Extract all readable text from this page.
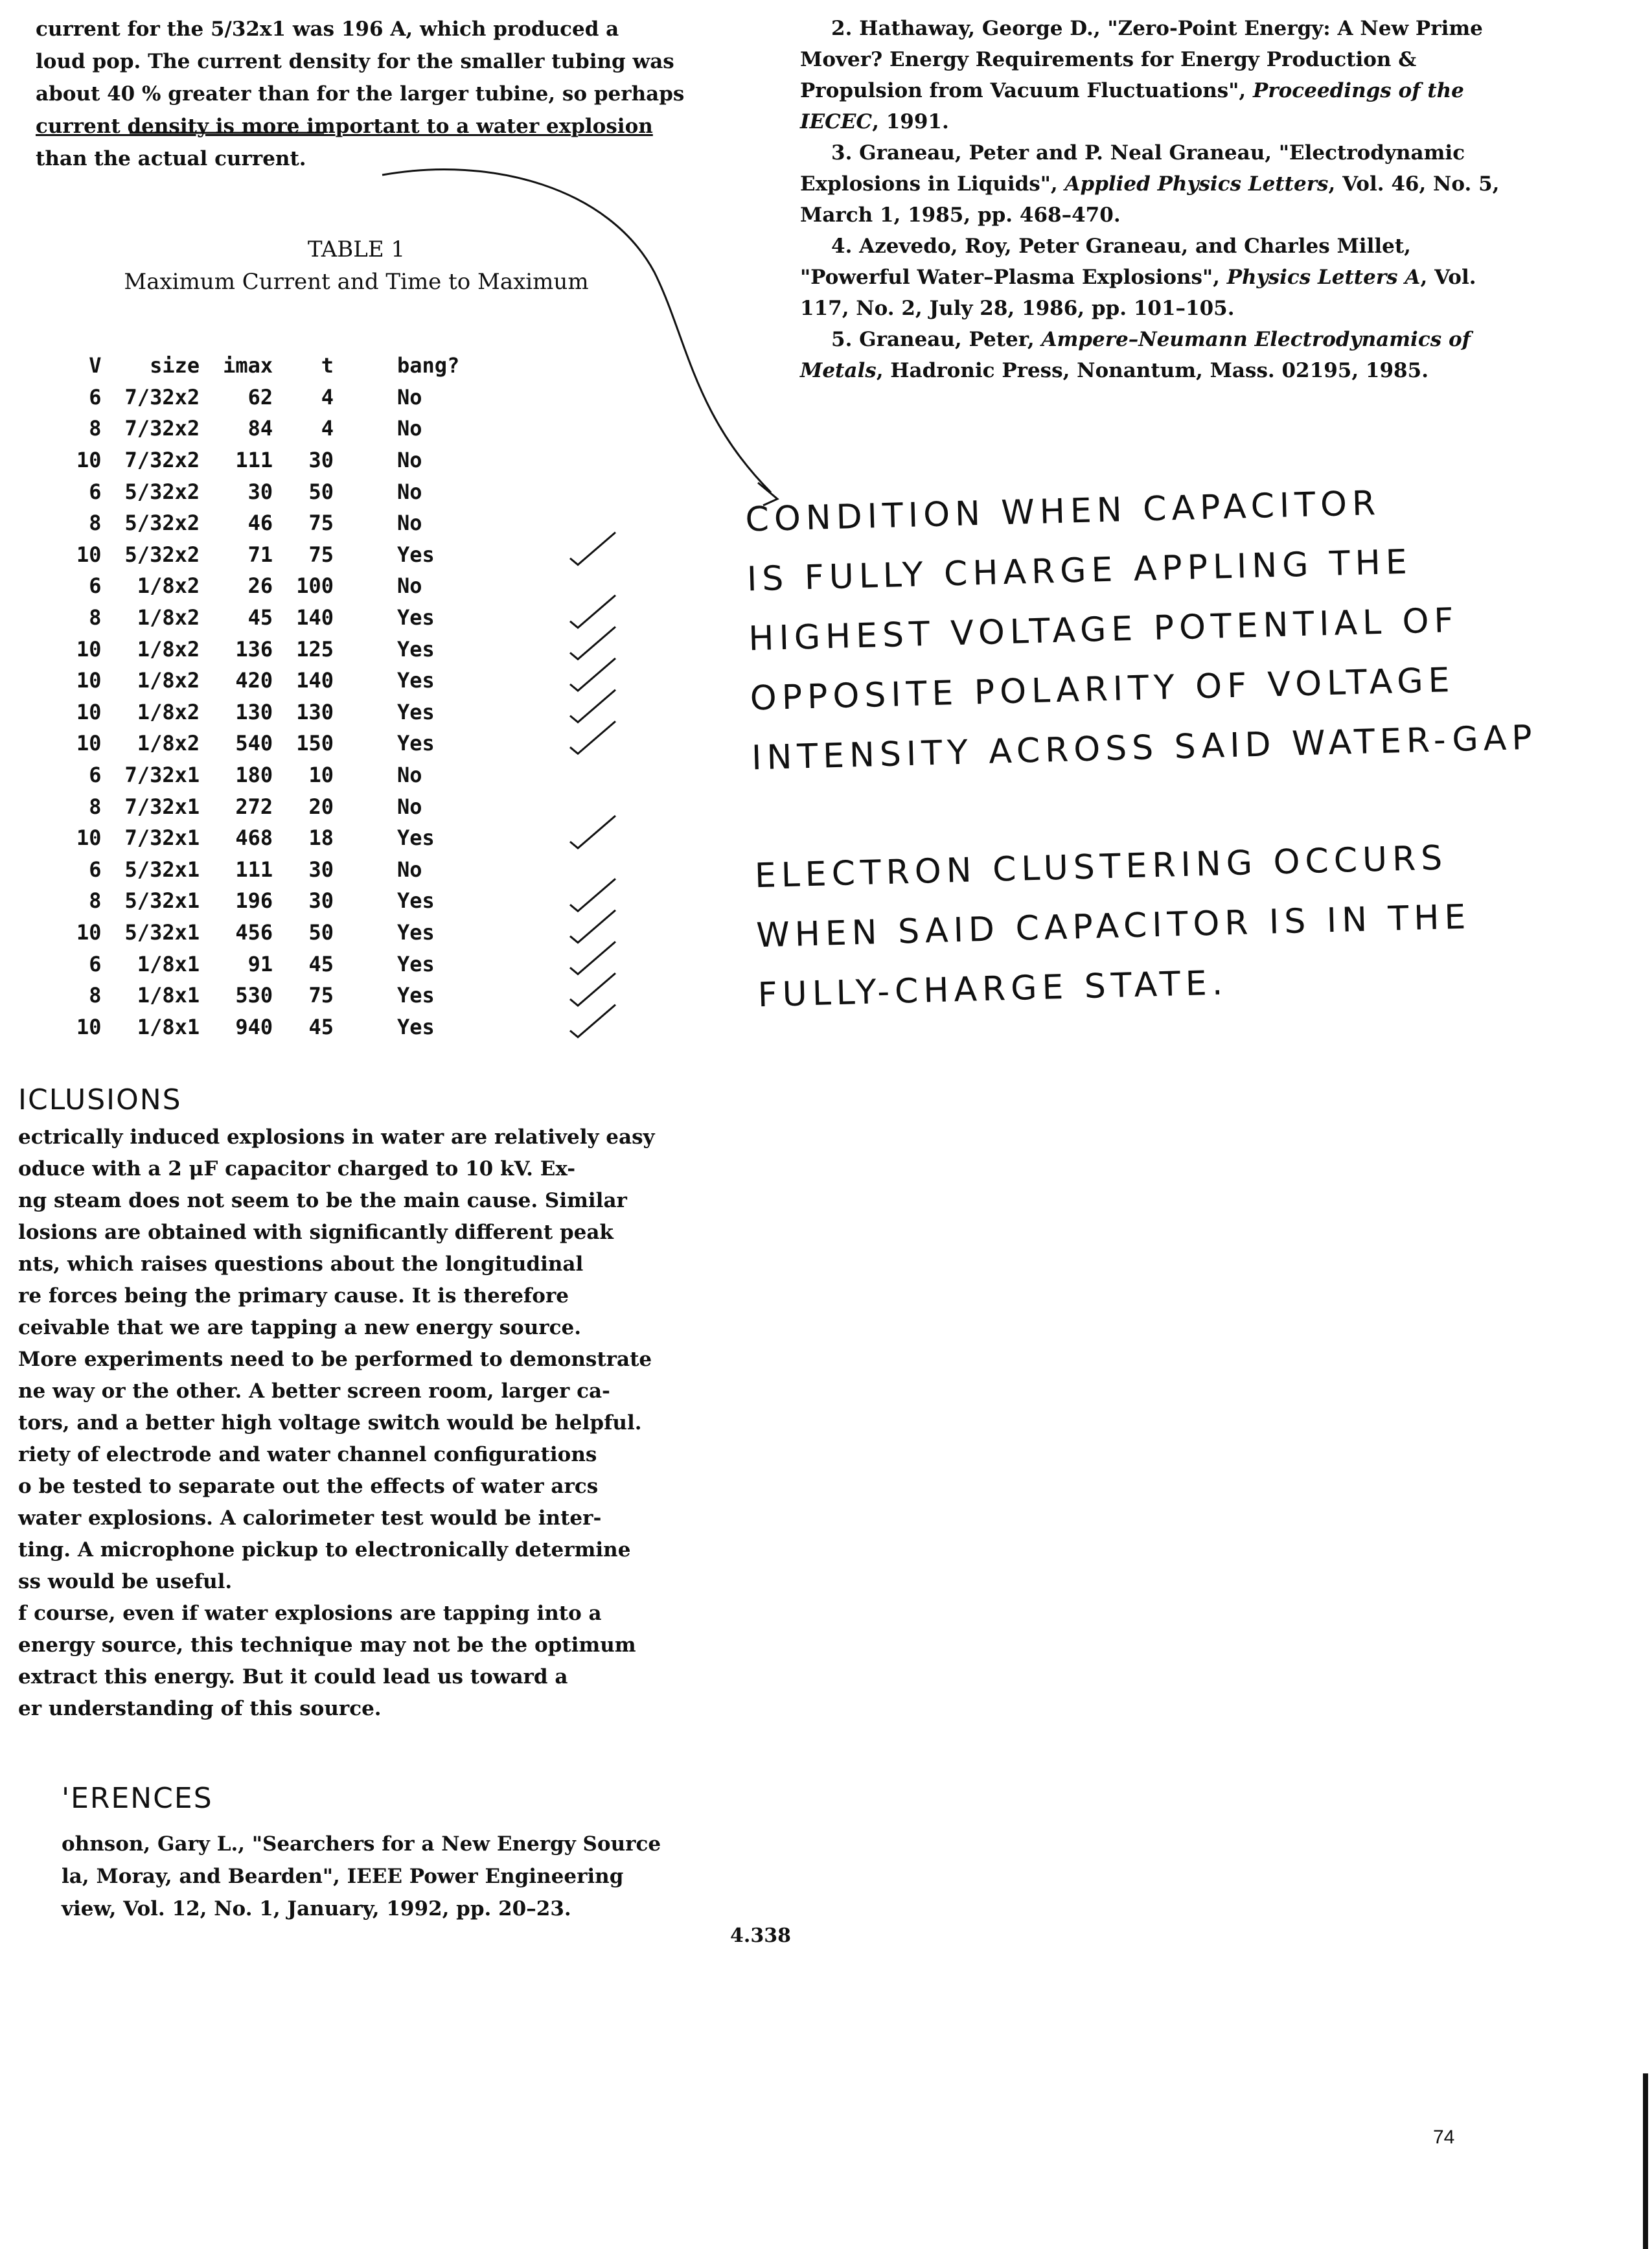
current for the 5/32x1 was 196 A, which produced a

loud pop. The current density for the smaller tubing was

about 40 % greater than for the larger tubine, so perhaps

current density is more important to a water explosion

than the actual current.

TABLE 1

Maximum Current and Time to Maximum

V	size	imax	t	bang?
6	7/32x2	62	4	No
8	7/32x2	84	4	No
10	7/32x2	111	30	No
6	5/32x2	30	50	No
8	5/32x2	46	75	No
10	5/32x2	71	75	Yes
6	1/8x2	26	100	No
8	1/8x2	45	140	Yes
10	1/8x2	136	125	Yes
10	1/8x2	420	140	Yes
10	1/8x2	130	130	Yes
10	1/8x2	540	150	Yes
6	7/32x1	180	10	No
8	7/32x1	272	20	No
10	7/32x1	468	18	Yes
6	5/32x1	111	30	No
8	5/32x1	196	30	Yes
10	5/32x1	456	50	Yes
6	1/8x1	91	45	Yes
8	1/8x1	530	75	Yes
10	1/8x1	940	45	Yes
ICLUSIONS

ectrically induced explosions in water are relatively easy

oduce with a 2 μF capacitor charged to 10 kV. Ex-

ng steam does not seem to be the main cause. Similar

losions are obtained with significantly different peak

nts, which raises questions about the longitudinal

re forces being the primary cause. It is therefore

ceivable that we are tapping a new energy source.

More experiments need to be performed to demonstrate

ne way or the other. A better screen room, larger ca-

tors, and a better high voltage switch would be helpful.

riety of electrode and water channel configurations

o be tested to separate out the effects of water arcs

water explosions. A calorimeter test would be inter-

ting. A microphone pickup to electronically determine

ss would be useful.

f course, even if water explosions are tapping into a

energy source, this technique may not be the optimum

extract this energy. But it could lead us toward a

er understanding of this source.

'ERENCES

ohnson, Gary L., "Searchers for a New Energy Source

la, Moray, and Bearden", IEEE Power Engineering

view, Vol. 12, No. 1, January, 1992, pp. 20–23.

2. Hathaway, George D., "Zero-Point Energy: A New Prime Mover? Energy Requirements for Energy Production & Propulsion from Vacuum Fluctuations", Proceedings of the IECEC, 1991.

3. Graneau, Peter and P. Neal Graneau, "Electrodynamic Explosions in Liquids", Applied Physics Letters, Vol. 46, No. 5, March 1, 1985, pp. 468–470.

4. Azevedo, Roy, Peter Graneau, and Charles Millet, "Powerful Water–Plasma Explosions", Physics Letters A, Vol. 117, No. 2, July 28, 1986, pp. 101–105.

5. Graneau, Peter, Ampere–Neumann Electrodynamics of Metals, Hadronic Press, Nonantum, Mass. 02195, 1985.

CONDITION WHEN CAPACITOR

IS FULLY CHARGE APPLING THE

HIGHEST VOLTAGE POTENTIAL OF

OPPOSITE POLARITY OF VOLTAGE

INTENSITY ACROSS SAID WATER-GAP

ELECTRON CLUSTERING OCCURS

WHEN SAID CAPACITOR IS IN THE

FULLY-CHARGE STATE.

4.338
74
